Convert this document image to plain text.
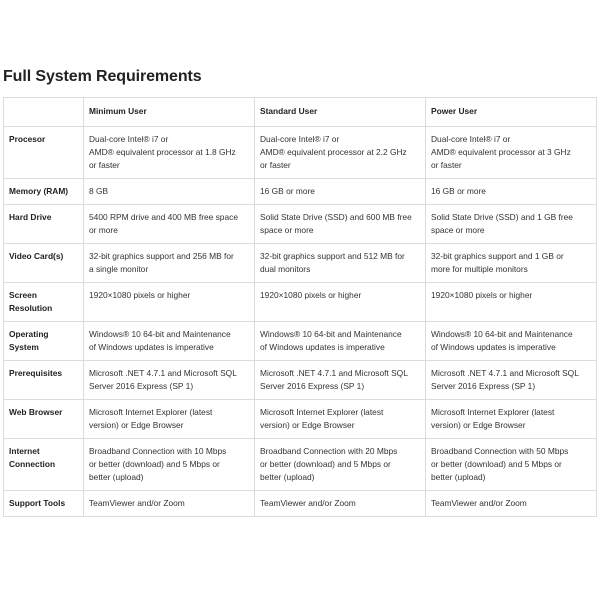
Full System Requirements
	Minimum User	Standard User	Power User

Procesor	Dual-core Intel® i7 or
AMD® equivalent processor at 1.8 GHz
or faster	Dual-core Intel® i7 or
AMD® equivalent processor at 2.2 GHz
or faster	Dual-core Intel® i7 or
AMD® equivalent processor at 3 GHz
or faster

Memory (RAM)	8 GB	16 GB or more	16 GB or more

Hard Drive	5400 RPM drive and 400 MB free space
or more	Solid State Drive (SSD) and 600 MB free
space or more	Solid State Drive (SSD) and 1 GB free
space or more

Video Card(s)	32-bit graphics support and 256 MB for
a single monitor	32-bit graphics support and 512 MB for
dual monitors	32-bit graphics support and 1 GB or
more for multiple monitors

Screen
Resolution	1920×1080 pixels or higher	1920×1080 pixels or higher	1920×1080 pixels or higher

Operating
System	Windows® 10 64-bit and Maintenance
of Windows updates is imperative	Windows® 10 64-bit and Maintenance
of Windows updates is imperative	Windows® 10 64-bit and Maintenance
of Windows updates is imperative

Prerequisites	Microsoft .NET 4.7.1 and Microsoft SQL
Server 2016 Express (SP 1)	Microsoft .NET 4.7.1 and Microsoft SQL
Server 2016 Express (SP 1)	Microsoft .NET 4.7.1 and Microsoft SQL
Server 2016 Express (SP 1)

Web Browser	Microsoft Internet Explorer (latest
version) or Edge Browser	Microsoft Internet Explorer (latest
version) or Edge Browser	Microsoft Internet Explorer (latest
version) or Edge Browser

Internet
Connection	Broadband Connection with 10 Mbps
or better (download) and 5 Mbps or
better (upload)	Broadband Connection with 20 Mbps
or better (download) and 5 Mbps or
better (upload)	Broadband Connection with 50 Mbps
or better (download) and 5 Mbps or
better (upload)

Support Tools	TeamViewer and/or Zoom	TeamViewer and/or Zoom	TeamViewer and/or Zoom
